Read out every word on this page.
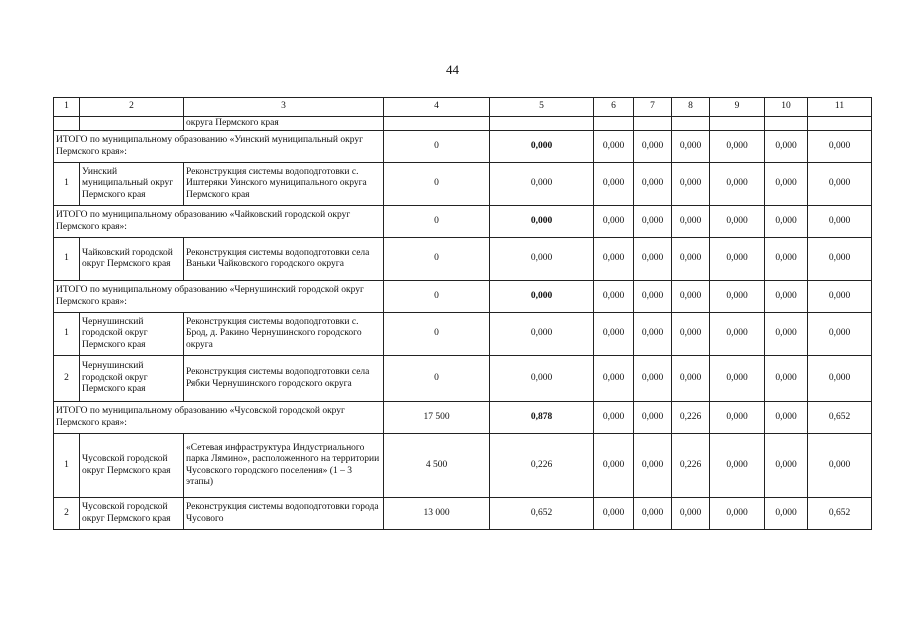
44
1	2	3	4	5	6	7	8	9	10	11
		округа Пермского края								
ИТОГО по муниципальному образованию «Уинский муниципальный округ Пермского края»:			0	0,000	0,000	0,000	0,000	0,000	0,000	0,000
1	Уинский муниципальный округ Пермского края	Реконструкция системы водоподготовки с. Иштеряки Уинского муниципального округа Пермского края	0	0,000	0,000	0,000	0,000	0,000	0,000	0,000
ИТОГО по муниципальному образованию «Чайковский городской округ Пермского края»:			0	0,000	0,000	0,000	0,000	0,000	0,000	0,000
1	Чайковский городской округ Пермского края	Реконструкция системы водоподготовки села Ваньки Чайковского городского округа	0	0,000	0,000	0,000	0,000	0,000	0,000	0,000
ИТОГО по муниципальному образованию «Чернушинский городской округ Пермского края»:			0	0,000	0,000	0,000	0,000	0,000	0,000	0,000
1	Чернушинский городской округ Пермского края	Реконструкция системы водоподготовки с. Брод, д. Ракино Чернушинского городского округа	0	0,000	0,000	0,000	0,000	0,000	0,000	0,000
2	Чернушинский городской округ Пермского края	Реконструкция системы водоподготовки села Рябки Чернушинского городского округа	0	0,000	0,000	0,000	0,000	0,000	0,000	0,000
ИТОГО по муниципальному образованию «Чусовской городской округ Пермского края»:			17 500	0,878	0,000	0,000	0,226	0,000	0,000	0,652
1	Чусовской городской округ Пермского края	«Сетевая инфраструктура Индустриального парка Лямино», расположенного на территории Чусовского городского поселения» (1 – 3 этапы)	4 500	0,226	0,000	0,000	0,226	0,000	0,000	0,000
2	Чусовской городской округ Пермского края	Реконструкция системы водоподготовки города Чусового	13 000	0,652	0,000	0,000	0,000	0,000	0,000	0,652
